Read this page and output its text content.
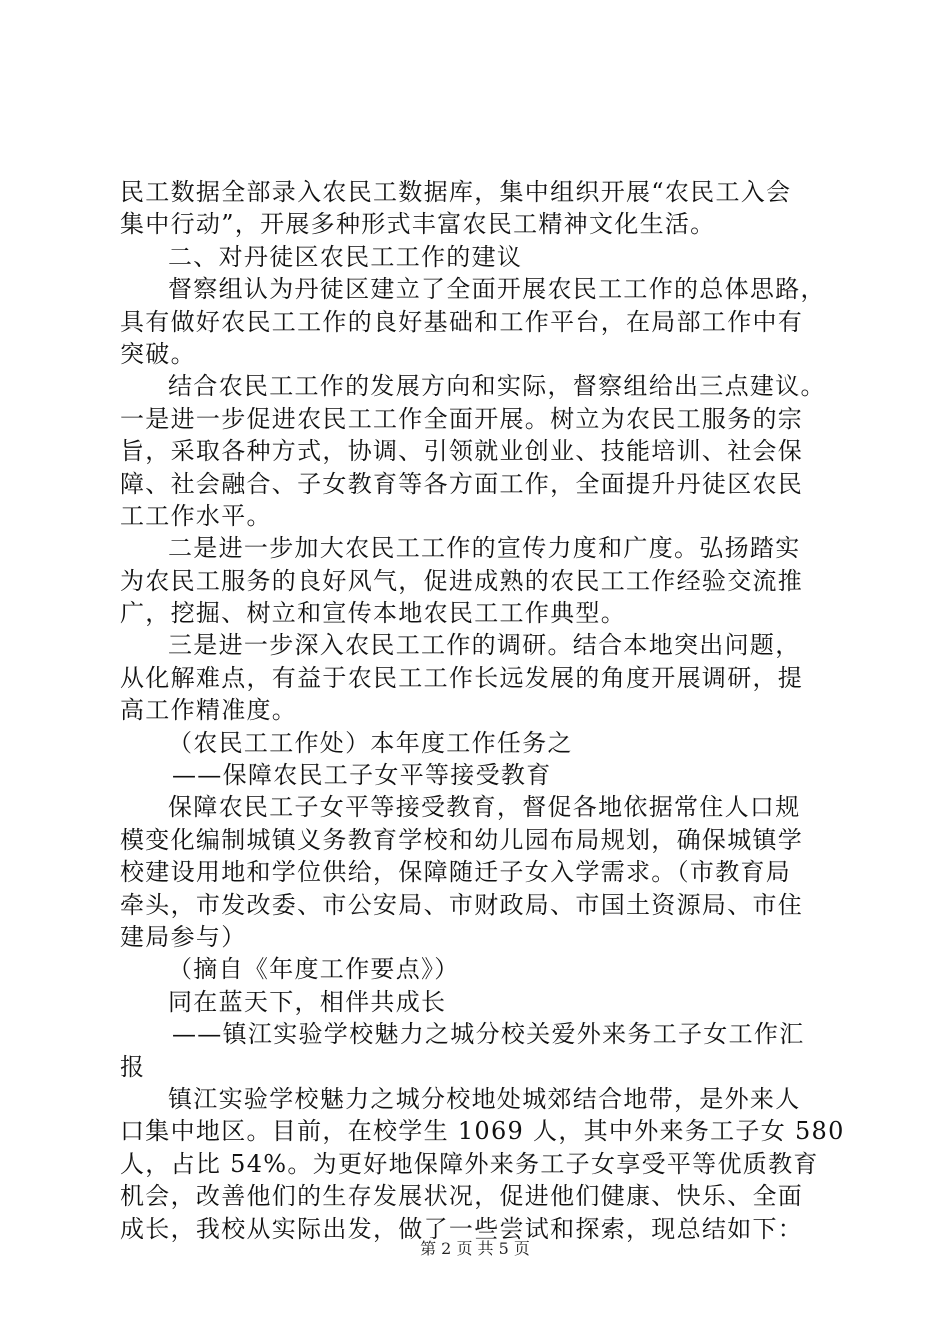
民工数据全部录入农民工数据库，集中组织开展“农民工入会
集中行动”，开展多种形式丰富农民工精神文化生活。
二、对丹徒区农民工工作的建议
督察组认为丹徒区建立了全面开展农民工工作的总体思路，
具有做好农民工工作的良好基础和工作平台，在局部工作中有
突破。
结合农民工工作的发展方向和实际，督察组给出三点建议。
一是进一步促进农民工工作全面开展。树立为农民工服务的宗
旨，采取各种方式，协调、引领就业创业、技能培训、社会保
障、社会融合、子女教育等各方面工作，全面提升丹徒区农民
工工作水平。
二是进一步加大农民工工作的宣传力度和广度。弘扬踏实
为农民工服务的良好风气，促进成熟的农民工工作经验交流推
广，挖掘、树立和宣传本地农民工工作典型。
三是进一步深入农民工工作的调研。结合本地突出问题，
从化解难点，有益于农民工工作长远发展的角度开展调研，提
高工作精准度。
（农民工工作处）本年度工作任务之
——保障农民工子女平等接受教育
保障农民工子女平等接受教育，督促各地依据常住人口规
模变化编制城镇义务教育学校和幼儿园布局规划，确保城镇学
校建设用地和学位供给，保障随迁子女入学需求。（市教育局
牵头，市发改委、市公安局、市财政局、市国土资源局、市住
建局参与）
（摘自《年度工作要点》）
同在蓝天下，相伴共成长
——镇江实验学校魅力之城分校关爱外来务工子女工作汇
报
镇江实验学校魅力之城分校地处城郊结合地带，是外来人
口集中地区。目前，在校学生 1069 人，其中外来务工子女 580
人，占比 54%。为更好地保障外来务工子女享受平等优质教育
机会，改善他们的生存发展状况，促进他们健康、快乐、全面
成长，我校从实际出发，做了一些尝试和探索，现总结如下：
第 2 页 共 5 页
